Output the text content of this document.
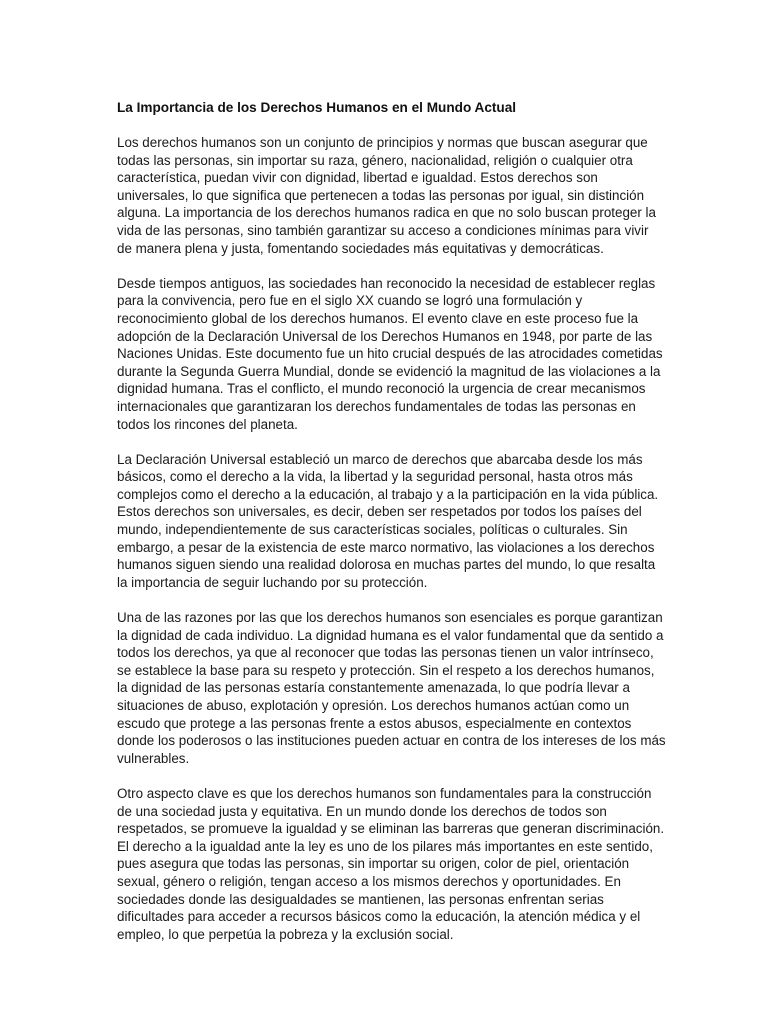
La Importancia de los Derechos Humanos en el Mundo Actual

Los derechos humanos son un conjunto de principios y normas que buscan asegurar que
todas las personas, sin importar su raza, género, nacionalidad, religión o cualquier otra
característica, puedan vivir con dignidad, libertad e igualdad. Estos derechos son
universales, lo que significa que pertenecen a todas las personas por igual, sin distinción
alguna. La importancia de los derechos humanos radica en que no solo buscan proteger la
vida de las personas, sino también garantizar su acceso a condiciones mínimas para vivir
de manera plena y justa, fomentando sociedades más equitativas y democráticas.

Desde tiempos antiguos, las sociedades han reconocido la necesidad de establecer reglas
para la convivencia, pero fue en el siglo XX cuando se logró una formulación y
reconocimiento global de los derechos humanos. El evento clave en este proceso fue la
adopción de la Declaración Universal de los Derechos Humanos en 1948, por parte de las
Naciones Unidas. Este documento fue un hito crucial después de las atrocidades cometidas
durante la Segunda Guerra Mundial, donde se evidenció la magnitud de las violaciones a la
dignidad humana. Tras el conflicto, el mundo reconoció la urgencia de crear mecanismos
internacionales que garantizaran los derechos fundamentales de todas las personas en
todos los rincones del planeta.

La Declaración Universal estableció un marco de derechos que abarcaba desde los más
básicos, como el derecho a la vida, la libertad y la seguridad personal, hasta otros más
complejos como el derecho a la educación, al trabajo y a la participación en la vida pública.
Estos derechos son universales, es decir, deben ser respetados por todos los países del
mundo, independientemente de sus características sociales, políticas o culturales. Sin
embargo, a pesar de la existencia de este marco normativo, las violaciones a los derechos
humanos siguen siendo una realidad dolorosa en muchas partes del mundo, lo que resalta
la importancia de seguir luchando por su protección.

Una de las razones por las que los derechos humanos son esenciales es porque garantizan
la dignidad de cada individuo. La dignidad humana es el valor fundamental que da sentido a
todos los derechos, ya que al reconocer que todas las personas tienen un valor intrínseco,
se establece la base para su respeto y protección. Sin el respeto a los derechos humanos,
la dignidad de las personas estaría constantemente amenazada, lo que podría llevar a
situaciones de abuso, explotación y opresión. Los derechos humanos actúan como un
escudo que protege a las personas frente a estos abusos, especialmente en contextos
donde los poderosos o las instituciones pueden actuar en contra de los intereses de los más
vulnerables.

Otro aspecto clave es que los derechos humanos son fundamentales para la construcción
de una sociedad justa y equitativa. En un mundo donde los derechos de todos son
respetados, se promueve la igualdad y se eliminan las barreras que generan discriminación.
El derecho a la igualdad ante la ley es uno de los pilares más importantes en este sentido,
pues asegura que todas las personas, sin importar su origen, color de piel, orientación
sexual, género o religión, tengan acceso a los mismos derechos y oportunidades. En
sociedades donde las desigualdades se mantienen, las personas enfrentan serias
dificultades para acceder a recursos básicos como la educación, la atención médica y el
empleo, lo que perpetúa la pobreza y la exclusión social.
